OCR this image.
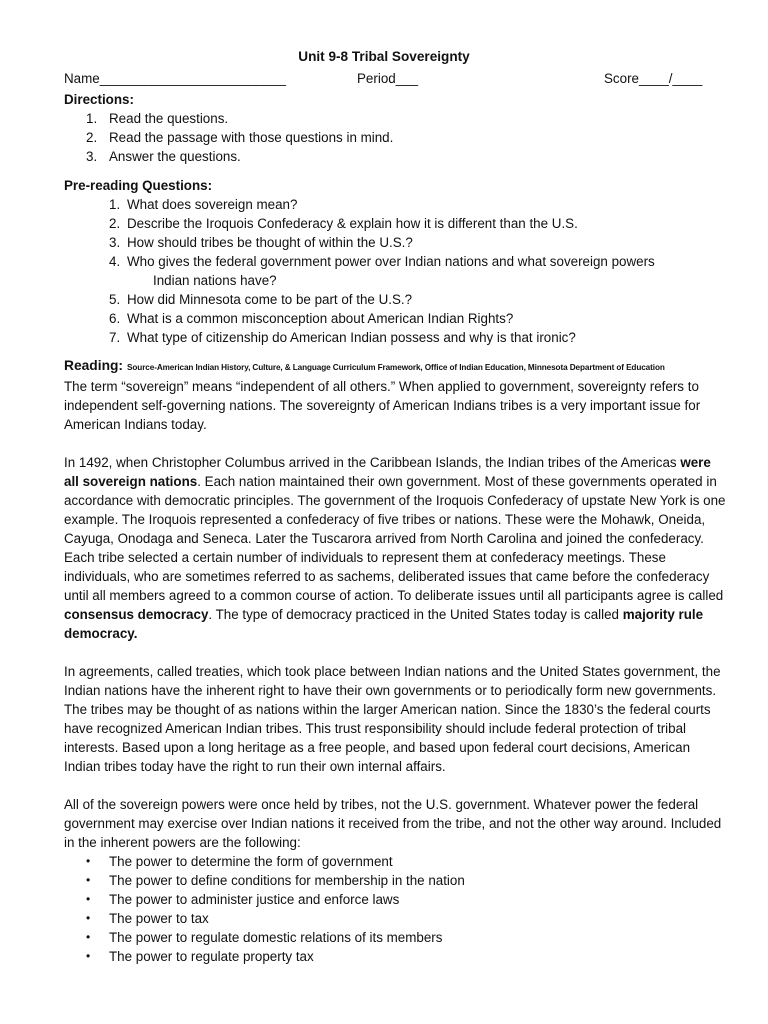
Unit 9-8 Tribal Sovereignty
Name_________________________	Period___	Score____/____
Directions:
1. Read the questions.
2. Read the passage with those questions in mind.
3. Answer the questions.
Pre-reading Questions:
1. What does sovereign mean?
2. Describe the Iroquois Confederacy & explain how it is different than the U.S.
3. How should tribes be thought of within the U.S.?
4. Who gives the federal government power over Indian nations and what sovereign powers
Indian nations have?
5. How did Minnesota come to be part of the U.S.?
6. What is a common misconception about American Indian Rights?
7. What type of citizenship do American Indian possess and why is that ironic?
Reading: Source-American Indian History, Culture, & Language Curriculum Framework, Office of Indian Education, Minnesota Department of Education

The term “sovereign” means “independent of all others.” When applied to government, sovereignty refers to independent self-governing nations. The sovereignty of American Indians tribes is a very important issue for American Indians today.

In 1492, when Christopher Columbus arrived in the Caribbean Islands, the Indian tribes of the Americas were all sovereign nations. Each nation maintained their own government. Most of these governments operated in accordance with democratic principles. The government of the Iroquois Confederacy of upstate New York is one example. The Iroquois represented a confederacy of five tribes or nations. These were the Mohawk, Oneida, Cayuga, Onodaga and Seneca. Later the Tuscarora arrived from North Carolina and joined the confederacy. Each tribe selected a certain number of individuals to represent them at confederacy meetings. These individuals, who are sometimes referred to as sachems, deliberated issues that came before the confederacy until all members agreed to a common course of action. To deliberate issues until all participants agree is called consensus democracy. The type of democracy practiced in the United States today is called majority rule democracy.

In agreements, called treaties, which took place between Indian nations and the United States government, the Indian nations have the inherent right to have their own governments or to periodically form new governments. The tribes may be thought of as nations within the larger American nation. Since the 1830’s the federal courts have recognized American Indian tribes. This trust responsibility should include federal protection of tribal interests. Based upon a long heritage as a free people, and based upon federal court decisions, American Indian tribes today have the right to run their own internal affairs.

All of the sovereign powers were once held by tribes, not the U.S. government. Whatever power the federal government may exercise over Indian nations it received from the tribe, and not the other way around. Included in the inherent powers are the following:

• The power to determine the form of government
• The power to define conditions for membership in the nation
• The power to administer justice and enforce laws
• The power to tax
• The power to regulate domestic relations of its members
• The power to regulate property tax
